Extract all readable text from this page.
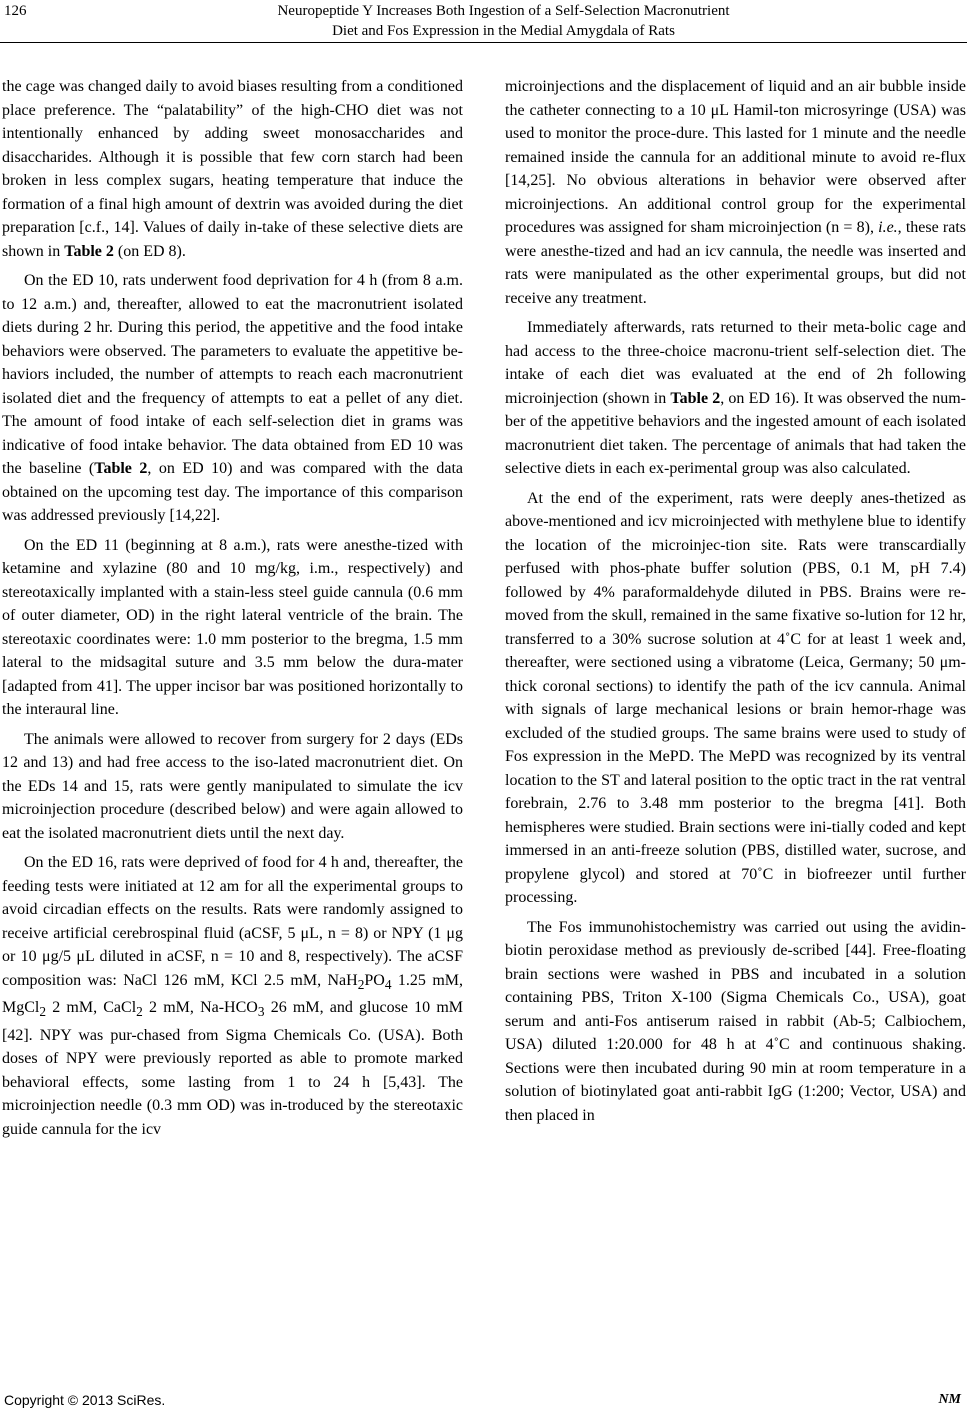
126	Neuropeptide Y Increases Both Ingestion of a Self-Selection Macronutrient
Diet and Fos Expression in the Medial Amygdala of Rats

the cage was changed daily to avoid biases resulting from a conditioned place preference. The “palatability” of the high-CHO diet was not intentionally enhanced by adding sweet monosaccharides and disaccharides. Although it is possible that few corn starch had been broken in less complex sugars, heating temperature that induce the formation of a final high amount of dextrin was avoided during the diet preparation [c.f., 14]. Values of daily in-take of these selective diets are shown in Table 2 (on ED 8).

On the ED 10, rats underwent food deprivation for 4 h (from 8 a.m. to 12 a.m.) and, thereafter, allowed to eat the macronutrient isolated diets during 2 hr. During this period, the appetitive and the food intake behaviors were observed. The parameters to evaluate the appetitive be-haviors included, the number of attempts to reach each macronutrient isolated diet and the frequency of attempts to eat a pellet of any diet. The amount of food intake of each self-selection diet in grams was indicative of food intake behavior. The data obtained from ED 10 was the baseline (Table 2, on ED 10) and was compared with the data obtained on the upcoming test day. The importance of this comparison was addressed previously [14,22].

On the ED 11 (beginning at 8 a.m.), rats were anesthe-tized with ketamine and xylazine (80 and 10 mg/kg, i.m., respectively) and stereotaxically implanted with a stain-less steel guide cannula (0.6 mm of outer diameter, OD) in the right lateral ventricle of the brain. The stereotaxic coordinates were: 1.0 mm posterior to the bregma, 1.5 mm lateral to the midsagital suture and 3.5 mm below the dura-mater [adapted from 41]. The upper incisor bar was positioned horizontally to the interaural line.

The animals were allowed to recover from surgery for 2 days (EDs 12 and 13) and had free access to the iso-lated macronutrient diet. On the EDs 14 and 15, rats were gently manipulated to simulate the icv microinjection procedure (described below) and were again allowed to eat the isolated macronutrient diets until the next day.

On the ED 16, rats were deprived of food for 4 h and, thereafter, the feeding tests were initiated at 12 am for all the experimental groups to avoid circadian effects on the results. Rats were randomly assigned to receive artificial cerebrospinal fluid (aCSF, 5 μL, n = 8) or NPY (1 μg or 10 μg/5 μL diluted in aCSF, n = 10 and 8, respectively). The aCSF composition was: NaCl 126 mM, KCl 2.5 mM, $NaH_2PO_4$ 1.25 mM, MgCl$_2$ 2 mM, CaCl$_2$ 2 mM, $Na-HCO_3$ 26 mM, and glucose 10 mM [42]. NPY was pur-chased from Sigma Chemicals Co. (USA). Both doses of NPY were previously reported as able to promote marked behavioral effects, some lasting from 1 to 24 h [5,43]. The microinjection needle (0.3 mm OD) was in-troduced by the stereotaxic guide cannula for the icv

microinjections and the displacement of liquid and an air bubble inside the catheter connecting to a 10 μL Hamil-ton microsyringe (USA) was used to monitor the proce-dure. This lasted for 1 minute and the needle remained inside the cannula for an additional minute to avoid re-flux [14,25]. No obvious alterations in behavior were observed after microinjections. An additional control group for the experimental procedures was assigned for sham microinjection (n = 8), i.e., these rats were anesthe-tized and had an icv cannula, the needle was inserted and rats were manipulated as the other experimental groups, but did not receive any treatment.

Immediately afterwards, rats returned to their meta-bolic cage and had access to the three-choice macronu-trient self-selection diet. The intake of each diet was evaluated at the end of 2h following microinjection (shown in Table 2, on ED 16). It was observed the num-ber of the appetitive behaviors and the ingested amount of each isolated macronutrient diet taken. The percentage of animals that had taken the selective diets in each ex-perimental group was also calculated.

At the end of the experiment, rats were deeply anes-thetized as above-mentioned and icv microinjected with methylene blue to identify the location of the microinjec-tion site. Rats were transcardially perfused with phos-phate buffer solution (PBS, 0.1 M, pH 7.4) followed by 4% paraformaldehyde diluted in PBS. Brains were re-moved from the skull, remained in the same fixative so-lution for 12 hr, transferred to a 30% sucrose solution at 4˚C for at least 1 week and, thereafter, were sectioned using a vibratome (Leica, Germany; 50 μm-thick coronal sections) to identify the path of the icv cannula. Animal with signals of large mechanical lesions or brain hemor-rhage was excluded of the studied groups. The same brains were used to study of Fos expression in the MePD. The MePD was recognized by its ventral location to the ST and lateral position to the optic tract in the rat ventral forebrain, 2.76 to 3.48 mm posterior to the bregma [41]. Both hemispheres were studied. Brain sections were ini-tially coded and kept immersed in an anti-freeze solution (PBS, distilled water, sucrose, and propylene glycol) and stored at 70˚C in biofreezer until further processing.

The Fos immunohistochemistry was carried out using the avidin-biotin peroxidase method as previously de-scribed [44]. Free-floating brain sections were washed in PBS and incubated in a solution containing PBS, Triton X-100 (Sigma Chemicals Co., USA), goat serum and anti-Fos antiserum raised in rabbit (Ab-5; Calbiochem, USA) diluted 1:20.000 for 48 h at 4˚C and continuous shaking. Sections were then incubated during 90 min at room temperature in a solution of biotinylated goat anti-rabbit IgG (1:200; Vector, USA) and then placed in

Copyright © 2013 SciRes.	NM
